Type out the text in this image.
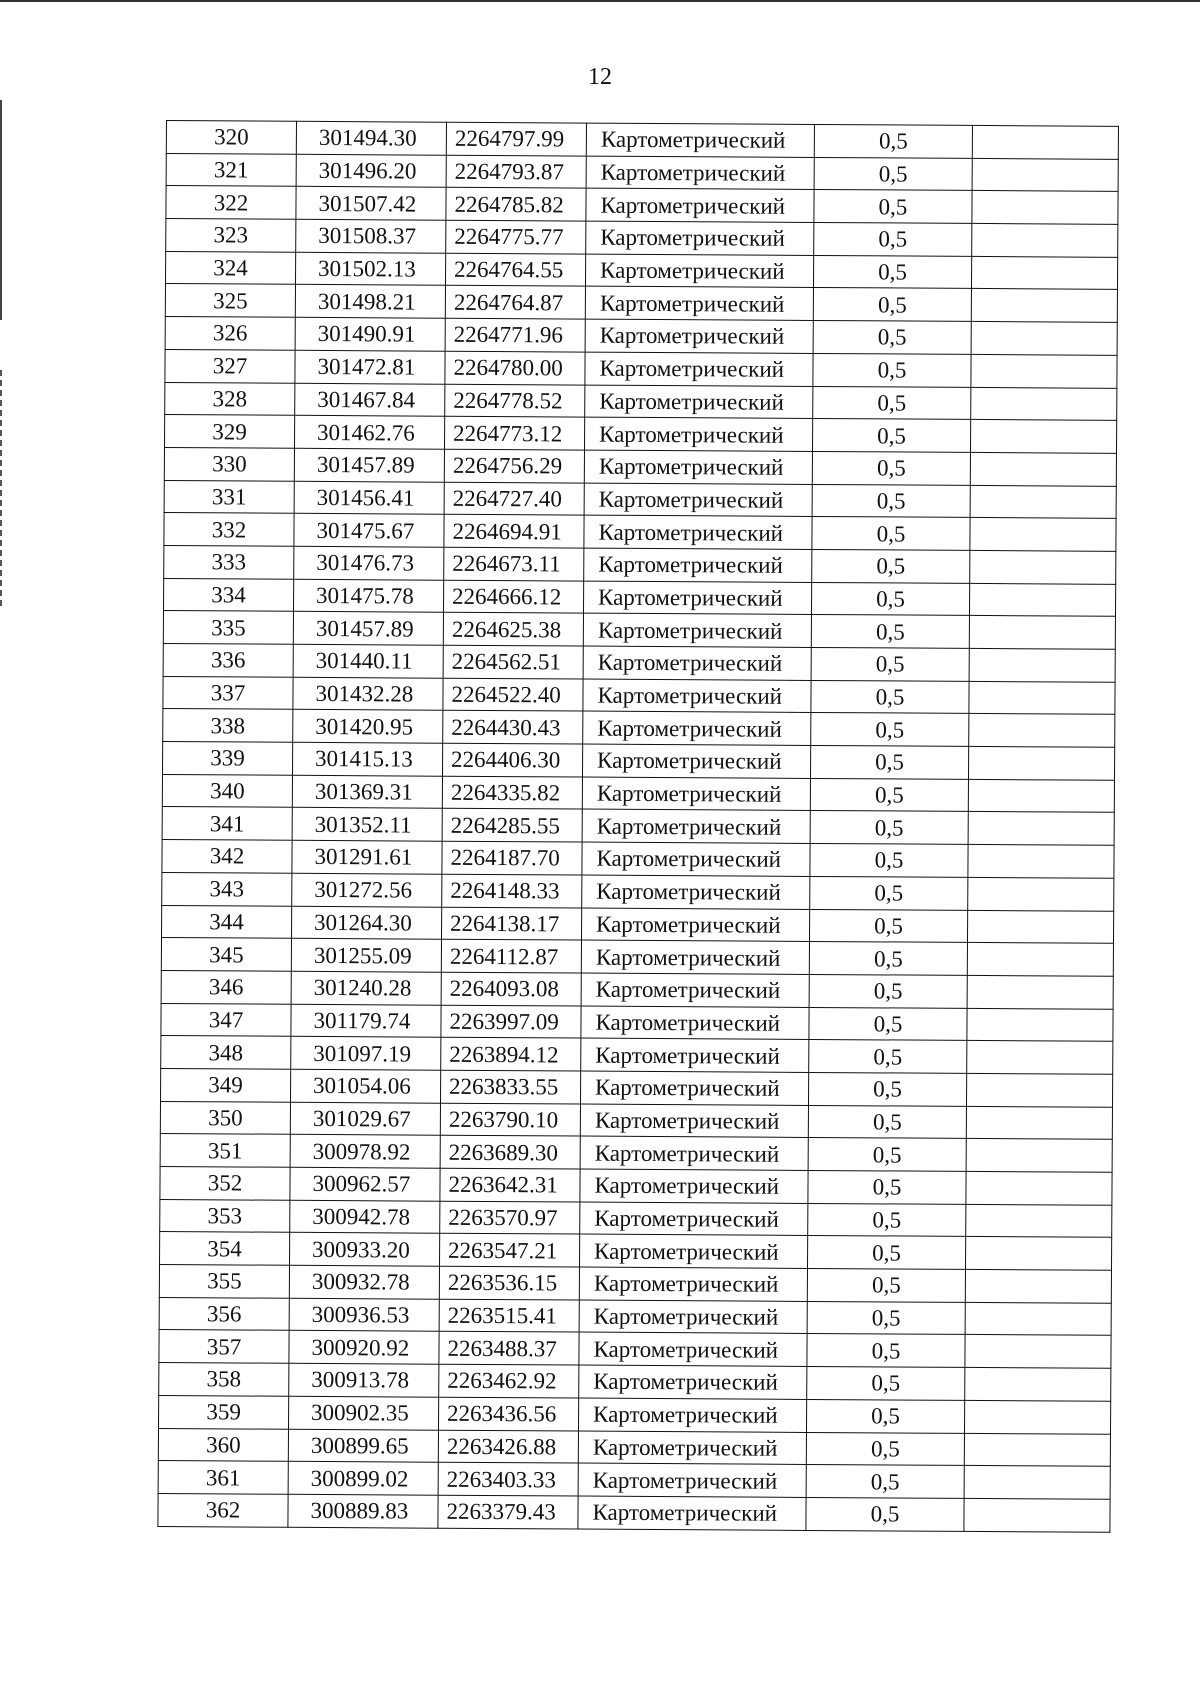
12
320	301494.30	2264797.99	Картометрический	0,5	
321	301496.20	2264793.87	Картометрический	0,5	
322	301507.42	2264785.82	Картометрический	0,5	
323	301508.37	2264775.77	Картометрический	0,5	
324	301502.13	2264764.55	Картометрический	0,5	
325	301498.21	2264764.87	Картометрический	0,5	
326	301490.91	2264771.96	Картометрический	0,5	
327	301472.81	2264780.00	Картометрический	0,5	
328	301467.84	2264778.52	Картометрический	0,5	
329	301462.76	2264773.12	Картометрический	0,5	
330	301457.89	2264756.29	Картометрический	0,5	
331	301456.41	2264727.40	Картометрический	0,5	
332	301475.67	2264694.91	Картометрический	0,5	
333	301476.73	2264673.11	Картометрический	0,5	
334	301475.78	2264666.12	Картометрический	0,5	
335	301457.89	2264625.38	Картометрический	0,5	
336	301440.11	2264562.51	Картометрический	0,5	
337	301432.28	2264522.40	Картометрический	0,5	
338	301420.95	2264430.43	Картометрический	0,5	
339	301415.13	2264406.30	Картометрический	0,5	
340	301369.31	2264335.82	Картометрический	0,5	
341	301352.11	2264285.55	Картометрический	0,5	
342	301291.61	2264187.70	Картометрический	0,5	
343	301272.56	2264148.33	Картометрический	0,5	
344	301264.30	2264138.17	Картометрический	0,5	
345	301255.09	2264112.87	Картометрический	0,5	
346	301240.28	2264093.08	Картометрический	0,5	
347	301179.74	2263997.09	Картометрический	0,5	
348	301097.19	2263894.12	Картометрический	0,5	
349	301054.06	2263833.55	Картометрический	0,5	
350	301029.67	2263790.10	Картометрический	0,5	
351	300978.92	2263689.30	Картометрический	0,5	
352	300962.57	2263642.31	Картометрический	0,5	
353	300942.78	2263570.97	Картометрический	0,5	
354	300933.20	2263547.21	Картометрический	0,5	
355	300932.78	2263536.15	Картометрический	0,5	
356	300936.53	2263515.41	Картометрический	0,5	
357	300920.92	2263488.37	Картометрический	0,5	
358	300913.78	2263462.92	Картометрический	0,5	
359	300902.35	2263436.56	Картометрический	0,5	
360	300899.65	2263426.88	Картометрический	0,5	
361	300899.02	2263403.33	Картометрический	0,5	
362	300889.83	2263379.43	Картометрический	0,5	
